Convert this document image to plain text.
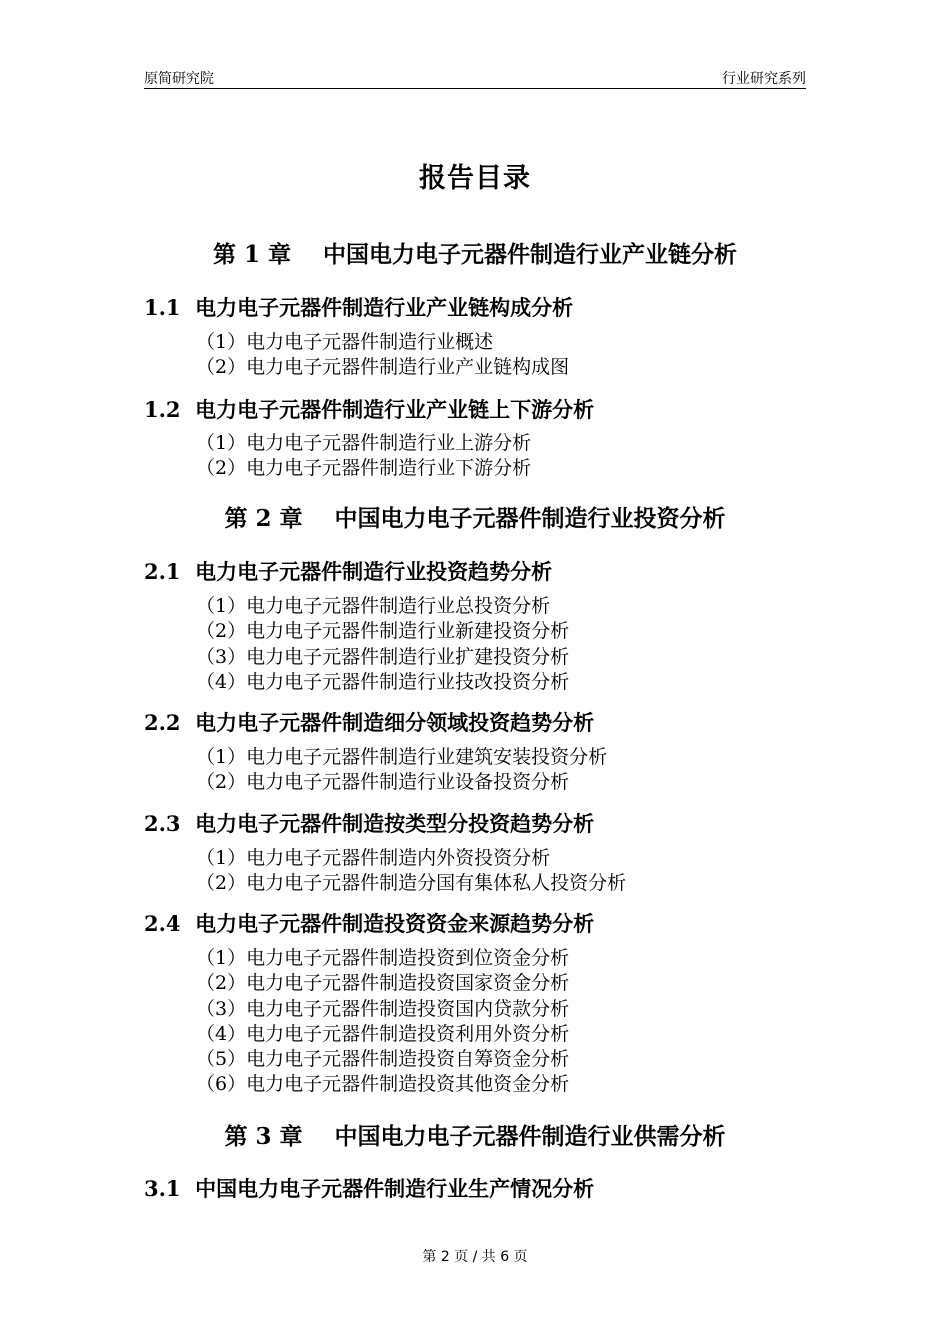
原简研究院	行业研究系列
报告目录
第 1 章    中国电力电子元器件制造行业产业链分析
1.1  电力电子元器件制造行业产业链构成分析
（1）电力电子元器件制造行业概述
（2）电力电子元器件制造行业产业链构成图
1.2  电力电子元器件制造行业产业链上下游分析
（1）电力电子元器件制造行业上游分析
（2）电力电子元器件制造行业下游分析
第 2 章    中国电力电子元器件制造行业投资分析
2.1  电力电子元器件制造行业投资趋势分析
（1）电力电子元器件制造行业总投资分析
（2）电力电子元器件制造行业新建投资分析
（3）电力电子元器件制造行业扩建投资分析
（4）电力电子元器件制造行业技改投资分析
2.2  电力电子元器件制造细分领域投资趋势分析
（1）电力电子元器件制造行业建筑安装投资分析
（2）电力电子元器件制造行业设备投资分析
2.3  电力电子元器件制造按类型分投资趋势分析
（1）电力电子元器件制造内外资投资分析
（2）电力电子元器件制造分国有集体私人投资分析
2.4  电力电子元器件制造投资资金来源趋势分析
（1）电力电子元器件制造投资到位资金分析
（2）电力电子元器件制造投资国家资金分析
（3）电力电子元器件制造投资国内贷款分析
（4）电力电子元器件制造投资利用外资分析
（5）电力电子元器件制造投资自筹资金分析
（6）电力电子元器件制造投资其他资金分析
第 3 章    中国电力电子元器件制造行业供需分析
3.1  中国电力电子元器件制造行业生产情况分析
第 2 页 / 共 6 页
